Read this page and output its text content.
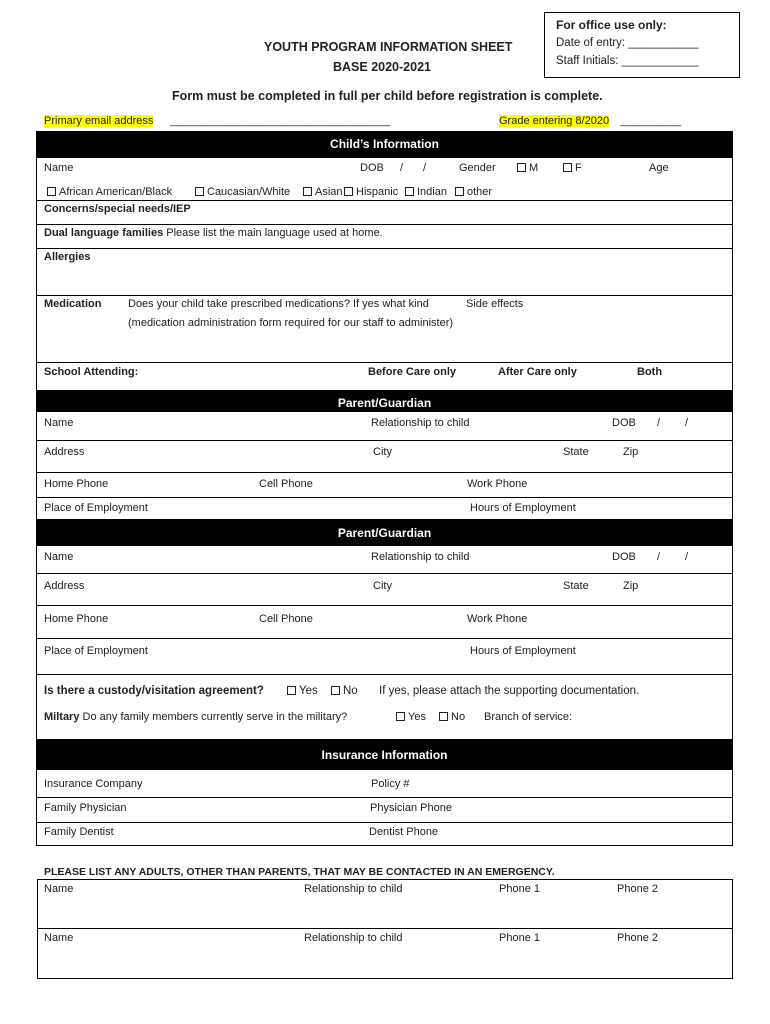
For office use only:
Date of entry: ___________
Staff Initials: ____________
YOUTH PROGRAM INFORMATION SHEET
BASE 2020-2021
Form must be completed in full per child before registration is complete.
Primary email address ____________________________________	Grade entering 8/2020 __________
Child’s Information
Name	DOB / /	Gender	M	F	Age
African American/Black	Caucasian/White	Asian	Hispanic	Indian	other
Concerns/special needs/IEP
Dual language families Please list the main language used at home.
Allergies
Medication Does your child take prescribed medications? If yes what kind	Side effects
(medication administration form required for our staff to administer)
School Attending:	Before Care only	After Care only	Both
Parent/Guardian
Name	Relationship to child	DOB / /
Address	City	State	Zip
Home Phone	Cell Phone	Work Phone
Place of Employment	Hours of Employment
Parent/Guardian
Name	Relationship to child	DOB / /
Address	City	State	Zip
Home Phone	Cell Phone	Work Phone
Place of Employment	Hours of Employment
Is there a custody/visitation agreement?	Yes	No If yes, please attach the supporting documentation.
Miltary Do any family members currently serve in the military?	Yes	No Branch of service:
Insurance Information
Insurance Company	Policy #
Family Physician	Physician Phone
Family Dentist	Dentist Phone
PLEASE LIST ANY ADULTS, OTHER THAN PARENTS, THAT MAY BE CONTACTED IN AN EMERGENCY.
Name	Relationship to child	Phone 1	Phone 2
Name	Relationship to child	Phone 1	Phone 2
